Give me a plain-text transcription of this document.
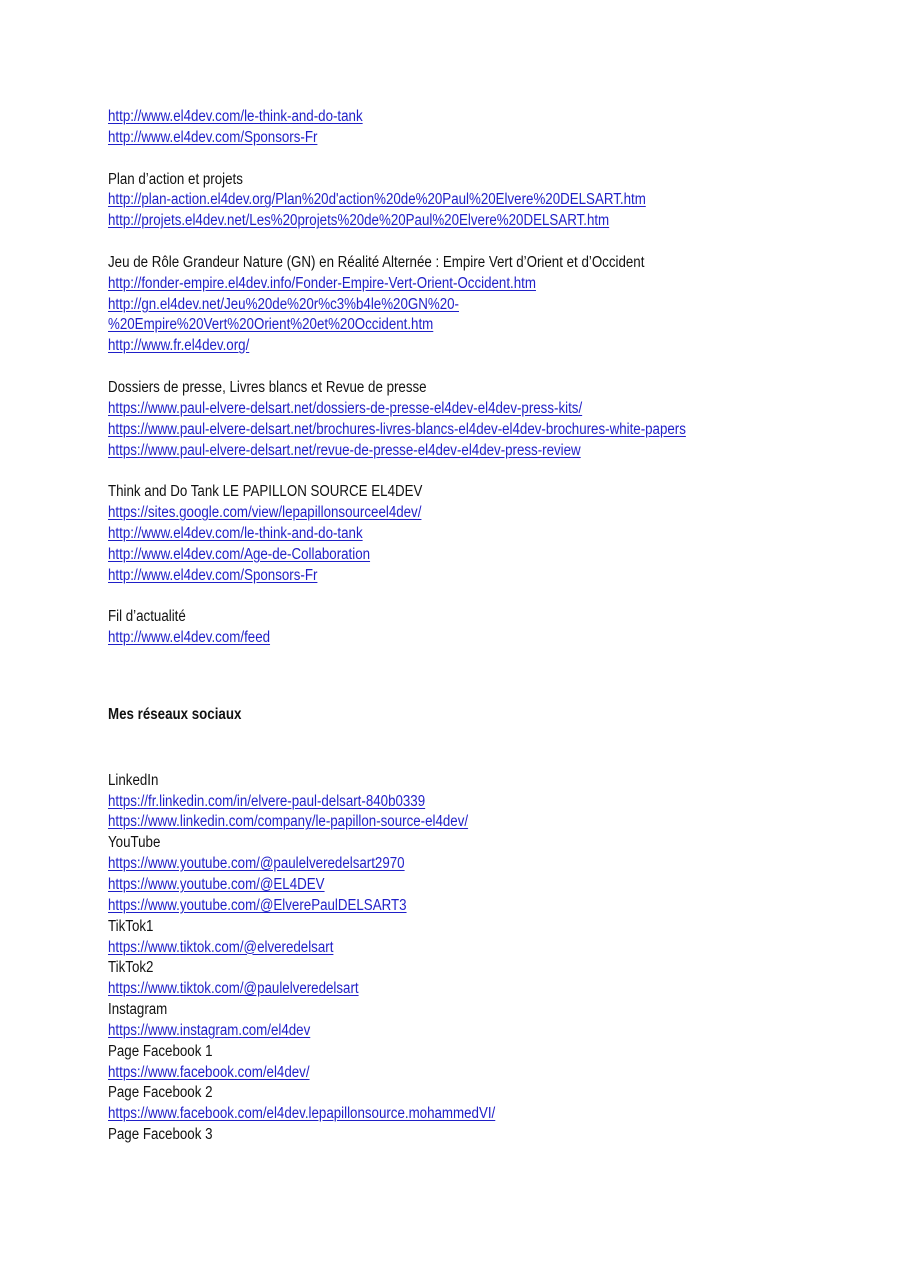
http://www.el4dev.com/le-think-and-do-tank
http://www.el4dev.com/Sponsors-Fr
Plan d’action et projets
http://plan-action.el4dev.org/Plan%20d'action%20de%20Paul%20Elvere%20DELSART.htm
http://projets.el4dev.net/Les%20projets%20de%20Paul%20Elvere%20DELSART.htm
Jeu de Rôle Grandeur Nature (GN) en Réalité Alternée : Empire Vert d’Orient et d’Occident
http://fonder-empire.el4dev.info/Fonder-Empire-Vert-Orient-Occident.htm
http://gn.el4dev.net/Jeu%20de%20r%c3%b4le%20GN%20-
%20Empire%20Vert%20Orient%20et%20Occident.htm
http://www.fr.el4dev.org/
Dossiers de presse, Livres blancs et Revue de presse
https://www.paul-elvere-delsart.net/dossiers-de-presse-el4dev-el4dev-press-kits/
https://www.paul-elvere-delsart.net/brochures-livres-blancs-el4dev-el4dev-brochures-white-papers
https://www.paul-elvere-delsart.net/revue-de-presse-el4dev-el4dev-press-review
Think and Do Tank LE PAPILLON SOURCE EL4DEV
https://sites.google.com/view/lepapillonsourceel4dev/
http://www.el4dev.com/le-think-and-do-tank
http://www.el4dev.com/Age-de-Collaboration
http://www.el4dev.com/Sponsors-Fr
Fil d’actualité
http://www.el4dev.com/feed
Mes réseaux sociaux
LinkedIn
https://fr.linkedin.com/in/elvere-paul-delsart-840b0339
https://www.linkedin.com/company/le-papillon-source-el4dev/
YouTube
https://www.youtube.com/@paulelveredelsart2970
https://www.youtube.com/@EL4DEV
https://www.youtube.com/@ElverePaulDELSART3
TikTok1
https://www.tiktok.com/@elveredelsart
TikTok2
https://www.tiktok.com/@paulelveredelsart
Instagram
https://www.instagram.com/el4dev
Page Facebook 1
https://www.facebook.com/el4dev/
Page Facebook 2
https://www.facebook.com/el4dev.lepapillonsource.mohammedVI/
Page Facebook 3
